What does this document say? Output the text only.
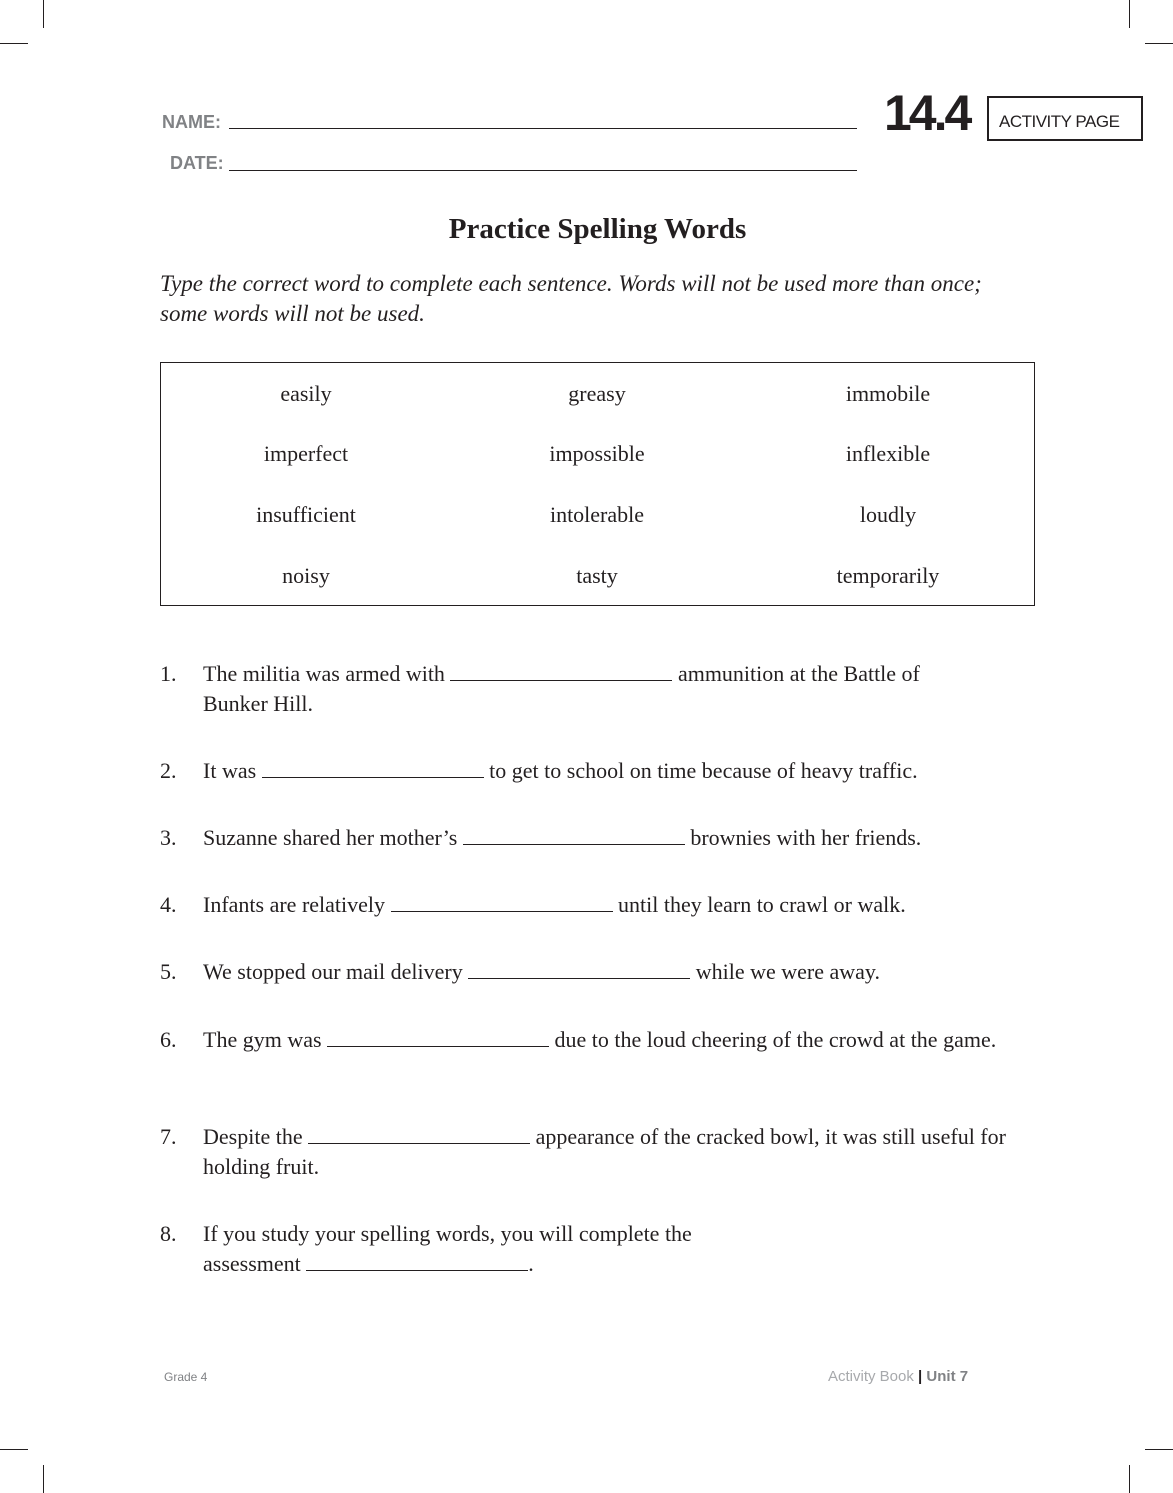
NAME:
DATE:
14.4	ACTIVITY PAGE
Practice Spelling Words
Type the correct word to complete each sentence. Words will not be used more than once; some words will not be used.
easily	greasy	immobile
imperfect	impossible	inflexible
insufficient	intolerable	loudly
noisy	tasty	temporarily
1. The militia was armed with	ammunition at the Battle of Bunker Hill.
2. It was	to get to school on time because of heavy traffic.
3. Suzanne shared her mother’s	brownies with her friends.
4. Infants are relatively	until they learn to crawl or walk.
5. We stopped our mail delivery	while we were away.
6. The gym was	due to the loud cheering of the crowd at the game.
7. Despite the	appearance of the cracked bowl, it was still useful for holding fruit.
8. If you study your spelling words, you will complete the assessment	.
Grade 4	Activity Book | Unit 7
